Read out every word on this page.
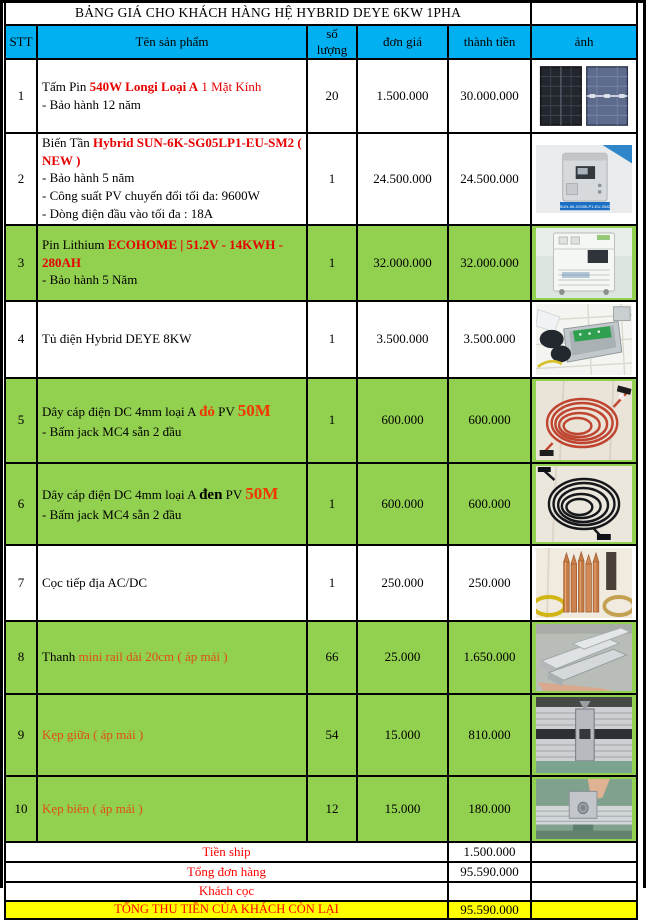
BẢNG GIÁ CHO KHÁCH HÀNG HỆ HYBRID DEYE 6KW 1PHA					
STT	Tên sản phẩm	số lượng	đơn giá	thành tiền	ảnh
1	Tấm Pin 540W Longi Loại A 1 Mặt Kính
- Bảo hành 12 năm	20	1.500.000	30.000.000	

2	Biến Tần Hybrid SUN-6K-SG05LP1-EU-SM2 ( NEW )
- Bảo hành 5 năm
- Công suất PV chuyển đổi tối đa: 9600W
- Dòng điện đầu vào tối đa : 18A	1	24.500.000	24.500.000	SUN-6K-SG05LP1-EU-SM2

3	Pin Lithium ECOHOME | 51.2V - 14KWH - 280AH
- Bảo hành 5 Năm	1	32.000.000	32.000.000	

4	Tủ điện Hybrid DEYE 8KW	1	3.500.000	3.500.000	

5	Dây cáp điện DC 4mm loại A đỏ PV 50M
- Bấm jack MC4 sẵn 2 đầu	1	600.000	600.000	

6	Dây cáp điện DC 4mm loại A đen PV 50M
- Bấm jack MC4 sẵn 2 đầu	1	600.000	600.000	

7	Cọc tiếp địa AC/DC	1	250.000	250.000	

8	Thanh mini rail dài 20cm ( áp mái )	66	25.000	1.650.000	

9	Kẹp giữa ( áp mái )	54	15.000	810.000	

10	Kẹp biên ( áp mái )	12	15.000	180.000	

Tiền ship				1.500.000	
Tổng đơn hàng				95.590.000	
Khách cọc					
TỔNG THU TIỀN CỦA KHÁCH CÒN LẠI				95.590.000	
